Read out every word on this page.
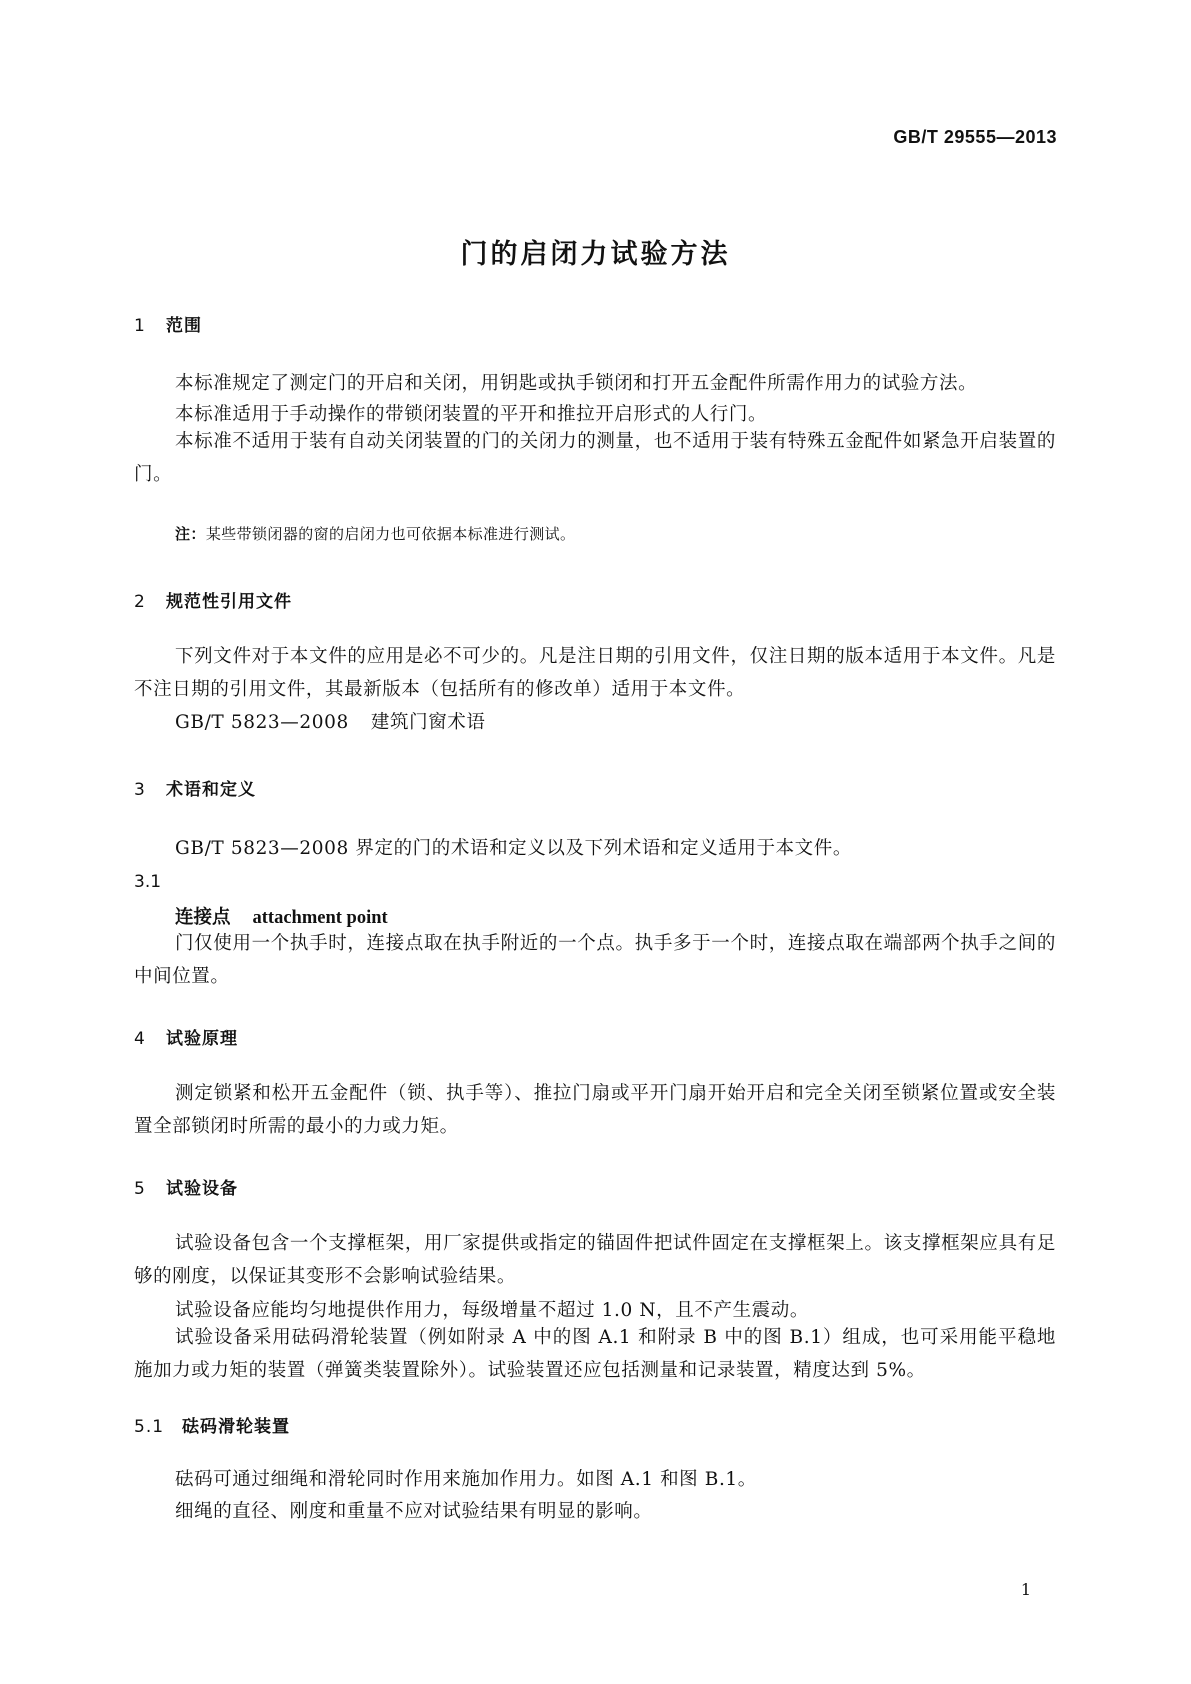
GB/T 29555—2013
门的启闭力试验方法
1 范围
本标准规定了测定门的开启和关闭，用钥匙或执手锁闭和打开五金配件所需作用力的试验方法。
本标准适用于手动操作的带锁闭装置的平开和推拉开启形式的人行门。
本标准不适用于装有自动关闭装置的门的关闭力的测量，也不适用于装有特殊五金配件如紧急开启装置的门。
注：某些带锁闭器的窗的启闭力也可依据本标准进行测试。
2 规范性引用文件
下列文件对于本文件的应用是必不可少的。凡是注日期的引用文件，仅注日期的版本适用于本文件。凡是不注日期的引用文件，其最新版本（包括所有的修改单）适用于本文件。
GB/T 5823—2008 建筑门窗术语
3 术语和定义
GB/T 5823—2008 界定的门的术语和定义以及下列术语和定义适用于本文件。
3.1
连接点 attachment point
门仅使用一个执手时，连接点取在执手附近的一个点。执手多于一个时，连接点取在端部两个执手之间的中间位置。
4 试验原理
测定锁紧和松开五金配件（锁、执手等）、推拉门扇或平开门扇开始开启和完全关闭至锁紧位置或安全装置全部锁闭时所需的最小的力或力矩。
5 试验设备
试验设备包含一个支撑框架，用厂家提供或指定的锚固件把试件固定在支撑框架上。该支撑框架应具有足够的刚度，以保证其变形不会影响试验结果。
试验设备应能均匀地提供作用力，每级增量不超过 1.0 N，且不产生震动。
试验设备采用砝码滑轮装置（例如附录 A 中的图 A.1 和附录 B 中的图 B.1）组成，也可采用能平稳地施加力或力矩的装置（弹簧类装置除外）。试验装置还应包括测量和记录装置，精度达到 5%。
5.1 砝码滑轮装置
砝码可通过细绳和滑轮同时作用来施加作用力。如图 A.1 和图 B.1。
细绳的直径、刚度和重量不应对试验结果有明显的影响。
1
